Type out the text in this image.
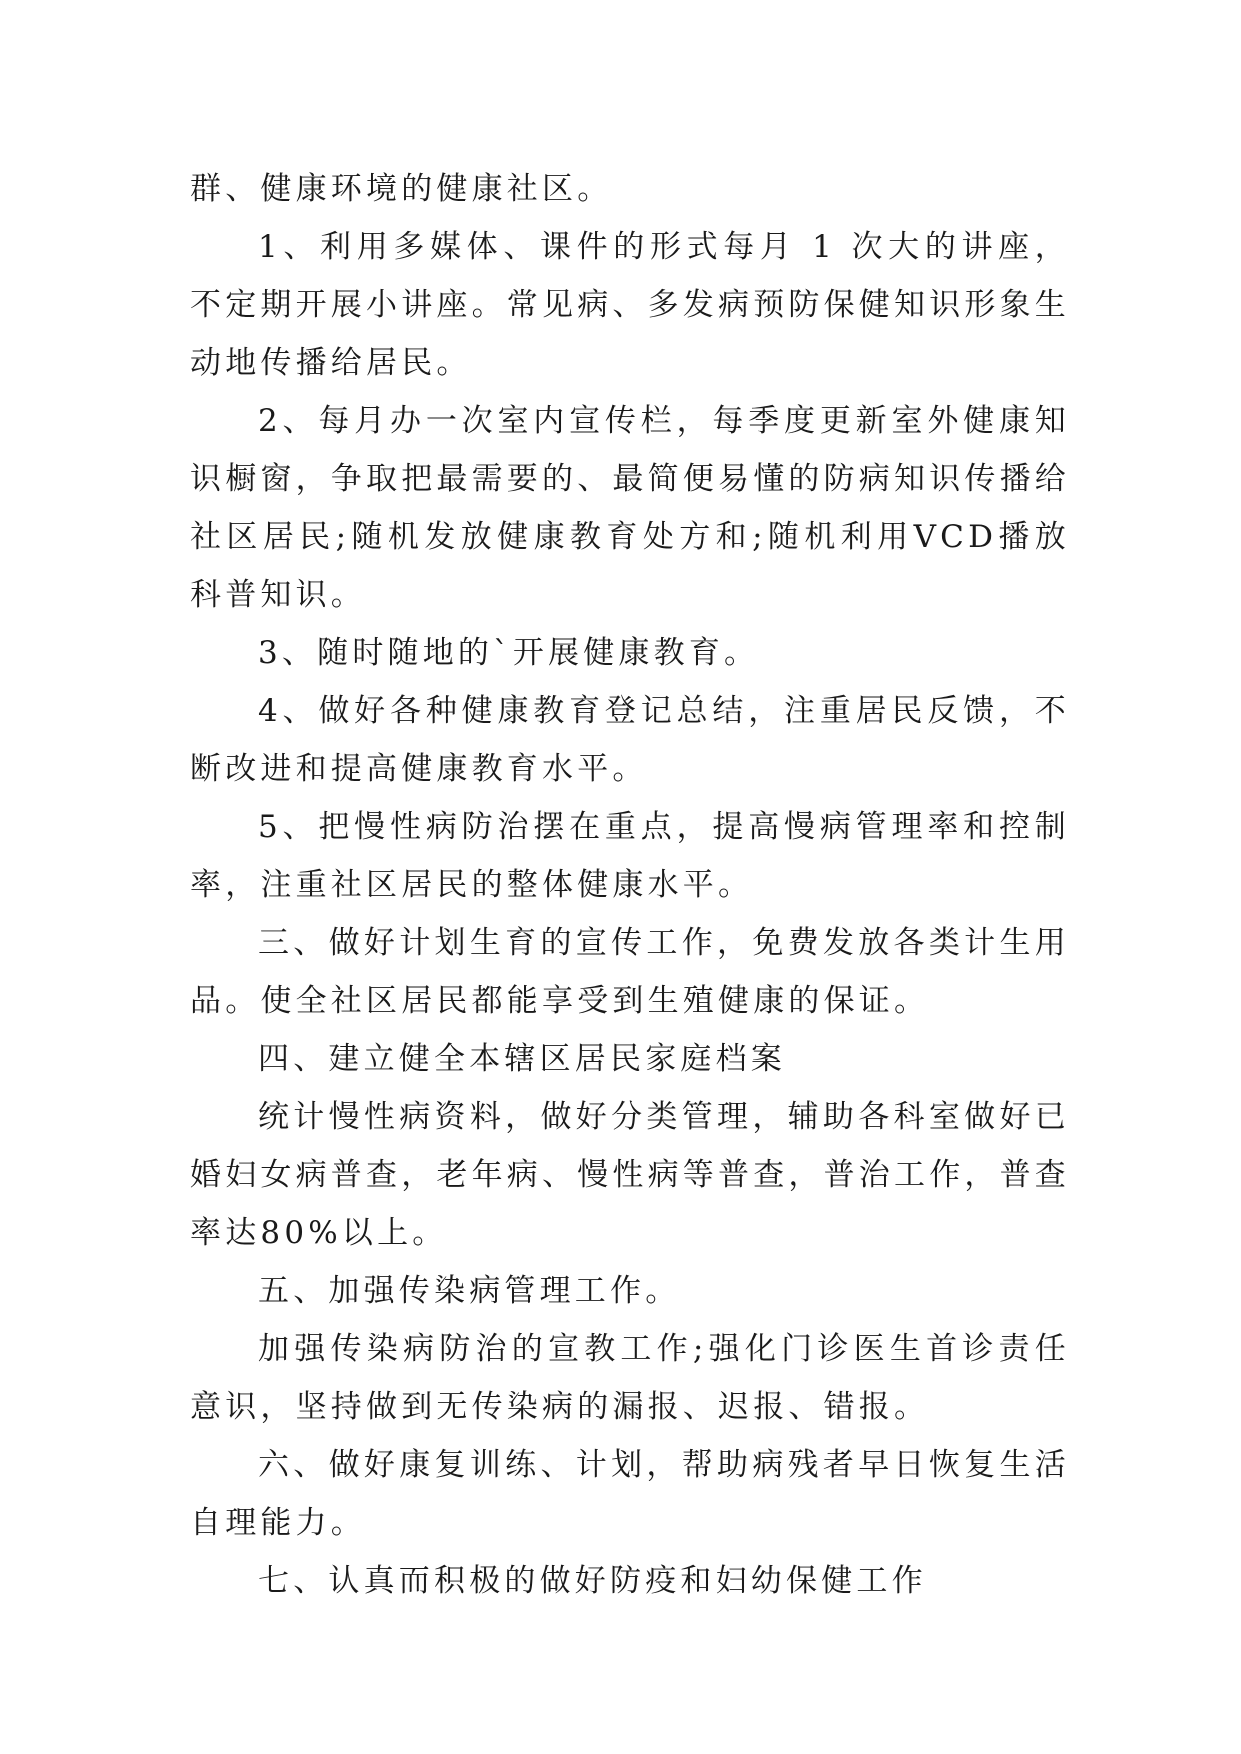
群、健康环境的健康社区。

1、利用多媒体、课件的形式每月 1 次大的讲座，不定期开展小讲座。常见病、多发病预防保健知识形象生动地传播给居民。

2、每月办一次室内宣传栏，每季度更新室外健康知识橱窗，争取把最需要的、最简便易懂的防病知识传播给社区居民;随机发放健康教育处方和;随机利用VCD播放科普知识。

3、随时随地的`开展健康教育。

4、做好各种健康教育登记总结，注重居民反馈，不断改进和提高健康教育水平。

5、把慢性病防治摆在重点，提高慢病管理率和控制率，注重社区居民的整体健康水平。

三、做好计划生育的宣传工作，免费发放各类计生用品。使全社区居民都能享受到生殖健康的保证。

四、建立健全本辖区居民家庭档案

统计慢性病资料，做好分类管理，辅助各科室做好已婚妇女病普查，老年病、慢性病等普查，普治工作，普查率达80%以上。

五、加强传染病管理工作。

加强传染病防治的宣教工作;强化门诊医生首诊责任意识，坚持做到无传染病的漏报、迟报、错报。

六、做好康复训练、计划，帮助病残者早日恢复生活自理能力。

七、认真而积极的做好防疫和妇幼保健工作
